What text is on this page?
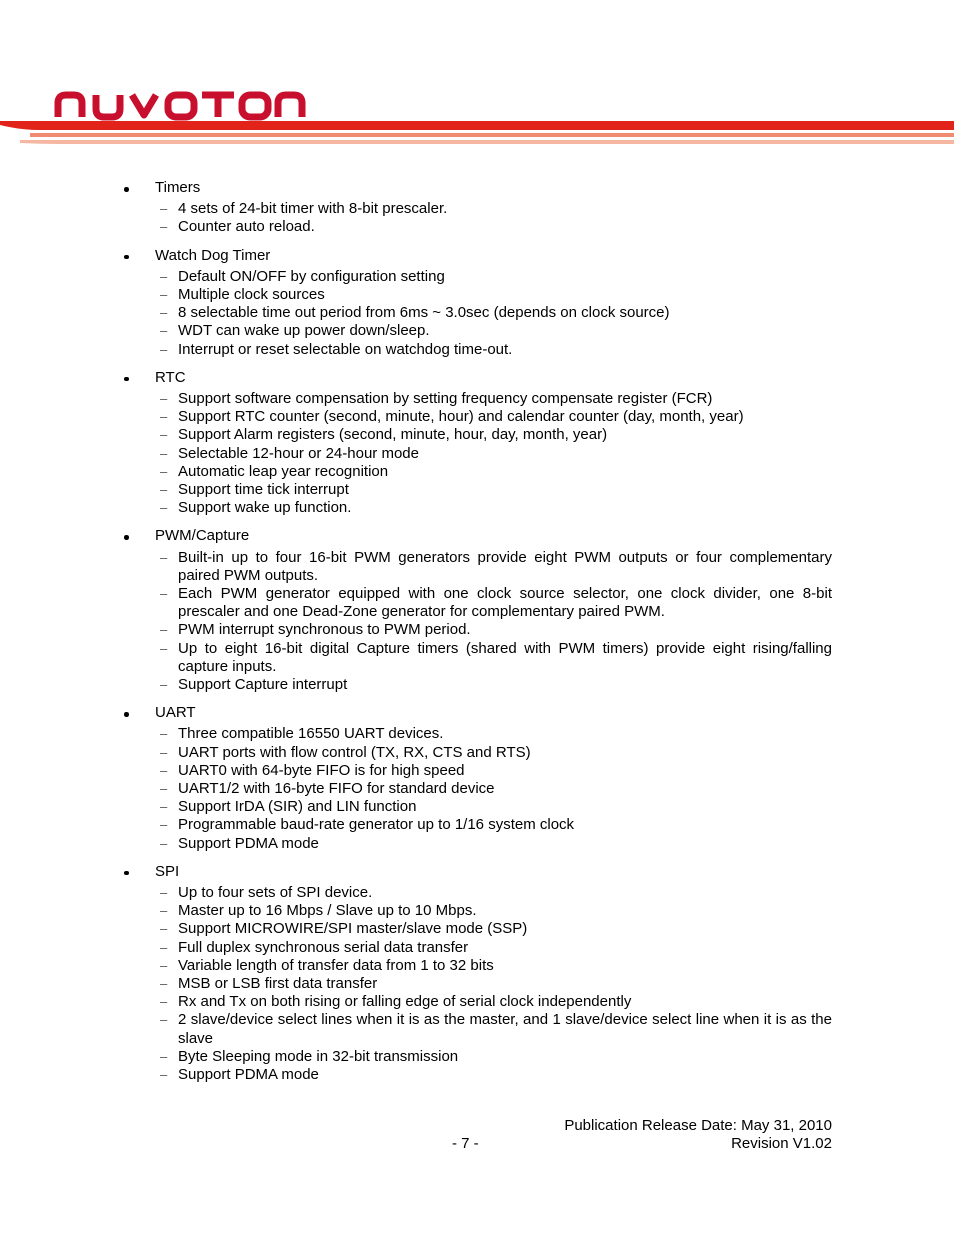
Timers
– 4 sets of 24-bit timer with 8-bit prescaler.
– Counter auto reload.
Watch Dog Timer
– Default ON/OFF by configuration setting
– Multiple clock sources
– 8 selectable time out period from 6ms ~ 3.0sec (depends on clock source)
– WDT can wake up power down/sleep.
– Interrupt or reset selectable on watchdog time-out.
RTC
– Support software compensation by setting frequency compensate register (FCR)
– Support RTC counter (second, minute, hour) and calendar counter (day, month, year)
– Support Alarm registers (second, minute, hour, day, month, year)
– Selectable 12-hour or 24-hour mode
– Automatic leap year recognition
– Support time tick interrupt
– Support wake up function.
PWM/Capture
– Built-in up to four 16-bit PWM generators provide eight PWM outputs or four complementary paired PWM outputs.
– Each PWM generator equipped with one clock source selector, one clock divider, one 8-bit prescaler and one Dead-Zone generator for complementary paired PWM.
– PWM interrupt synchronous to PWM period.
– Up to eight 16-bit digital Capture timers (shared with PWM timers) provide eight rising/falling capture inputs.
– Support Capture interrupt
UART
– Three compatible 16550 UART devices.
– UART ports with flow control (TX, RX, CTS and RTS)
– UART0 with 64-byte FIFO is for high speed
– UART1/2 with 16-byte FIFO for standard device
– Support IrDA (SIR) and LIN function
– Programmable baud-rate generator up to 1/16 system clock
– Support PDMA mode
SPI
– Up to four sets of SPI device.
– Master up to 16 Mbps / Slave up to 10 Mbps.
– Support MICROWIRE/SPI master/slave mode (SSP)
– Full duplex synchronous serial data transfer
– Variable length of transfer data from 1 to 32 bits
– MSB or LSB first data transfer
– Rx and Tx on both rising or falling edge of serial clock independently
– 2 slave/device select lines when it is as the master, and 1 slave/device select line when it is as the slave
– Byte Sleeping mode in 32-bit transmission
– Support PDMA mode
Publication Release Date: May 31, 2010
- 7 -	Revision V1.02
